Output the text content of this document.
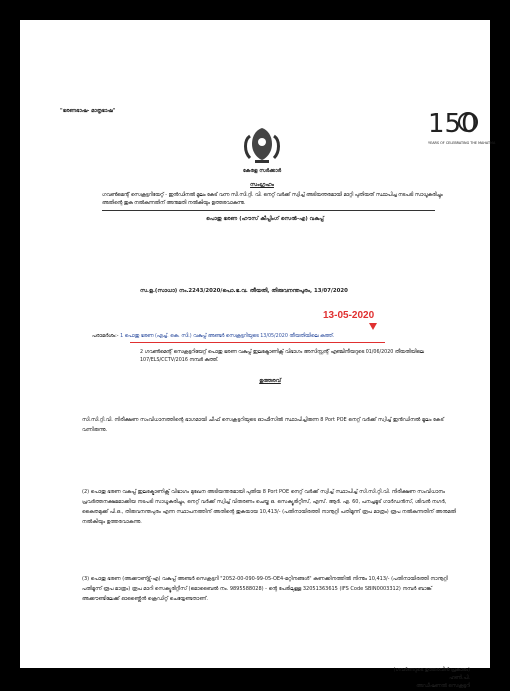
"ഭരണഭാഷ- മാതൃഭാഷ"	150
YEARS OF CELEBRATING THE MAHATMA
കേരള സർക്കാർ
സംഗ്രഹം
ഗവൺമെന്റ് സെക്രട്ടറിയേറ്റ് - ഇൻഡിനൽ മൂലം കേട് വന്ന സി.സി.റ്റി. വി. നെറ്റ് വർക്ക് സ്വിച്ച് അടിയന്തരമായി മാറ്റി പുതിയത് സ്ഥാപിച്ച നടപടി സാധൂകരിച്ചും അതിന്റെ തുക നൽകുന്നതിന് അനുമതി നൽകിയും ഉത്തരവാകുന്നു.
പൊതു ഭരണ (ഹൗസ് കീപ്പിംഗ് സെൽ-എ) വകുപ്പ്
സ.ഉ.(സാധാ) നം.2243/2020/പൊ.ഭ.വ. തീയതി, തിരുവനന്തപുരം, 13/07/2020
13-05-2020
പരാമർശം:- 1 പൊതു ഭരണ (എച്ച്. കെ. സി.) വകുപ്പ് അണ്ടർ സെക്രട്ടറിയുടെ 13/05/2020 തീയതിയിലെ കത്ത്.
2 ഗവൺമെന്റ് സെക്രട്ടറിയേറ്റ് പൊതു ഭരണ വകുപ്പ് ഇലക്ട്രോണിക്സ് വിഭാഗം അസിസ്റ്റന്റ് എഞ്ചിനീയറുടെ 01/06/2020 തീയതിയിലെ 107/ELS/CCTV/2016 നമ്പർ കത്ത്.
ഉത്തരവ്
സി.സി.റ്റി.വി. നിരീക്ഷണ സംവിധാനത്തിന്റെ ഭാഗമായി ചീഫ് സെക്രട്ടറിയുടെ ഓഫീസിൽ സ്ഥാപിച്ചിരുന്ന 8 Port POE നെറ്റ് വർക്ക് സ്വിച്ച് ഇൻഡിനൽ മൂലം കേട് വന്നിരുന്നു.
(2) പൊതു ഭരണ വകുപ്പ് ഇലക്ട്രോണിക്സ് വിഭാഗം മുഖേന അടിയന്തരമായി പുതിയ 8 Port POE നെറ്റ് വർക്ക് സ്വിച്ച് സ്ഥാപിച്ച് സി.സി.റ്റി.വി. നിരീക്ഷണ സംവിധാനം പ്രവർത്തനക്ഷമമാക്കിയ നടപടി സാധൂകരിച്ചും, നെറ്റ് വർക്ക് സ്വിച്ച് വിതരണം ചെയ്ത ഒ. സെക്യൂരിറ്റീസ്, എസ്. ആർ. എ. 60, പനച്ചമൂട് ഗാർഡൻസ്, ശിവൻ നഗർ, കൈതമുക്ക് പി.ഒ., തിരുവനന്തപുരം എന്ന സ്ഥാപനത്തിന് അതിന്റെ തുകയായ 10,413/- (പതിനായിരത്തി നാനൂറ്റി പതിമൂന്ന് രൂപ മാത്രം) രൂപ നൽകുന്നതിന് അനുമതി നൽകിയും ഉത്തരവാകുന്നു.
(3) പൊതു ഭരണ (അക്കൗണ്ട്സ്-എ) വകുപ്പ് അണ്ടർ സെക്രട്ടറി "2052-00-090-99-05-OE4-മറ്റിനങ്ങൾ" കണക്കിനത്തിൽ നിന്നും 10,413/- (പതിനായിരത്തി നാനൂറ്റി പതിമൂന്ന് രൂപ മാത്രം) രൂപ മാറി സെക്യൂരിറ്റീസ് (മൊബൈൽ നം. 9895588028) - ന്റെ പേരിലുള്ള 32051363615 (IFS Code SBIN0003312) നമ്പർ ബാങ്ക് അക്കൗണ്ടിലേക്ക് ഓൺ്ലൈൻ ക്രെഡിറ്റ് ചെയ്യേണ്ടതാണ്.
(ഗവർണറുടെ ഉത്തരവിൻ പ്രകാരം)
ഹണി.പി.
അഡീഷണൽ സെക്രട്ടറി
